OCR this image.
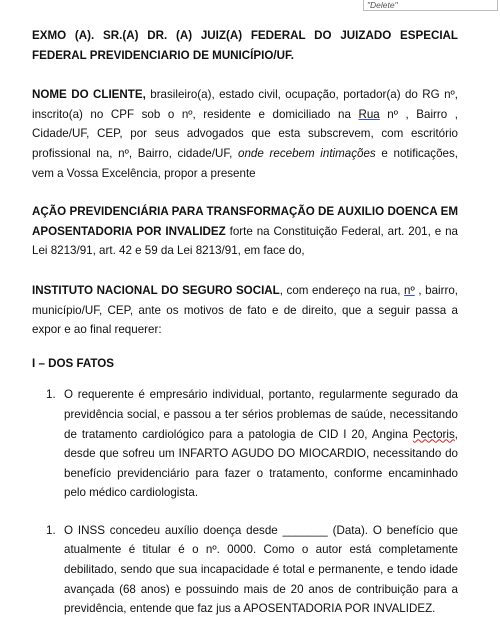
"Delete"

EXMO (A). SR.(A) DR. (A) JUIZ(A) FEDERAL DO JUIZADO ESPECIAL FEDERAL PREVIDENCIARIO DE MUNICÍPIO/UF.

NOME DO CLIENTE, brasileiro(a), estado civil, ocupação, portador(a) do RG nº, inscrito(a) no CPF sob o nº, residente e domiciliado na Rua nº , Bairro , Cidade/UF, CEP, por seus advogados que esta subscrevem, com escritório profissional na, nº, Bairro, cidade/UF, onde recebem intimações e notificações, vem a Vossa Excelência, propor a presente

AÇÃO PREVIDENCIÁRIA PARA TRANSFORMAÇÃO DE AUXILIO DOENCA EM APOSENTADORIA POR INVALIDEZ forte na Constituição Federal, art. 201, e na Lei 8213/91, art. 42 e 59 da Lei 8213/91, em face do,

INSTITUTO NACIONAL DO SEGURO SOCIAL, com endereço na rua, nº , bairro, município/UF, CEP, ante os motivos de fato e de direito, que a seguir passa a expor e ao final requerer:

I – DOS FATOS

1. O requerente é empresário individual, portanto, regularmente segurado da previdência social, e passou a ter sérios problemas de saúde, necessitando de tratamento cardiológico para a patologia de CID I 20, Angina Pectoris, desde que sofreu um INFARTO AGUDO DO MIOCARDIO, necessitando do benefício previdenciário para fazer o tratamento, conforme encaminhado pelo médico cardiologista.

1. O INSS concedeu auxílio doença desde _______ (Data). O benefício que atualmente é titular é o nº. 0000. Como o autor está completamente debilitado, sendo que sua incapacidade é total e permanente, e tendo idade avançada (68 anos) e possuindo mais de 20 anos de contribuição para a previdência, entende que faz jus a APOSENTADORIA POR INVALIDEZ.
